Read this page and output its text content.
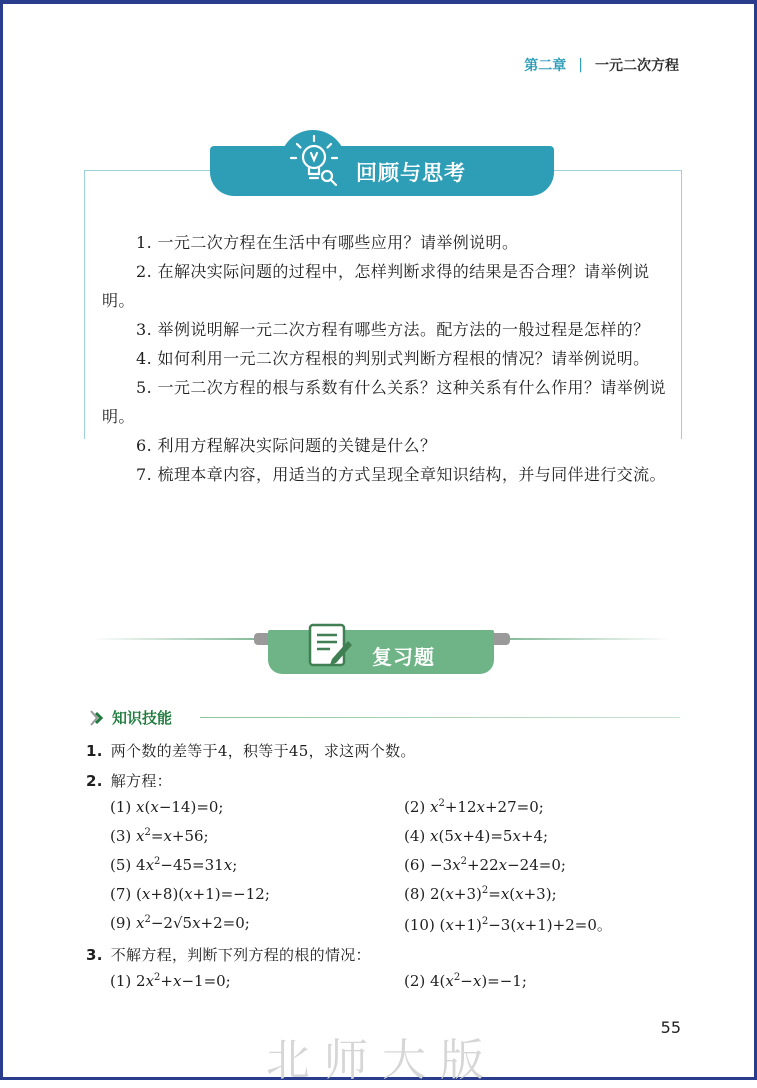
第二章 | 一元二次方程
回顾与思考

1. 一元二次方程在生活中有哪些应用？请举例说明。

2. 在解决实际问题的过程中，怎样判断求得的结果是否合理？请举例说明。

3. 举例说明解一元二次方程有哪些方法。配方法的一般过程是怎样的？

4. 如何利用一元二次方程根的判别式判断方程根的情况？请举例说明。

5. 一元二次方程的根与系数有什么关系？这种关系有什么作用？请举例说明。

6. 利用方程解决实际问题的关键是什么？

7. 梳理本章内容，用适当的方式呈现全章知识结构，并与同伴进行交流。

复习题
知识技能
1. 两个数的差等于4，积等于45，求这两个数。
2. 解方程：
(1) x(x−14)=0;	(2) $x^2+12x+27=0$;
(3) $x^2=x+56$;	(4) x(5x+4)=5x+4;
(5) $4x^2-45=31x$;	$(6) -3x^2+22x-24=0$;
(7) (x+8)(x+1)=−12;	(8) $2(x+3)^2=x(x+3)$;
(9) $x^2-2√5x+2=0$;	(10) $(x+1)^2-3(x+1)+2=0$。
3. 不解方程，判断下列方程的根的情况：
(1) $2x^2+x-1=0$;	(2) $4(x^2-x)=-1$;
55
北师大版
